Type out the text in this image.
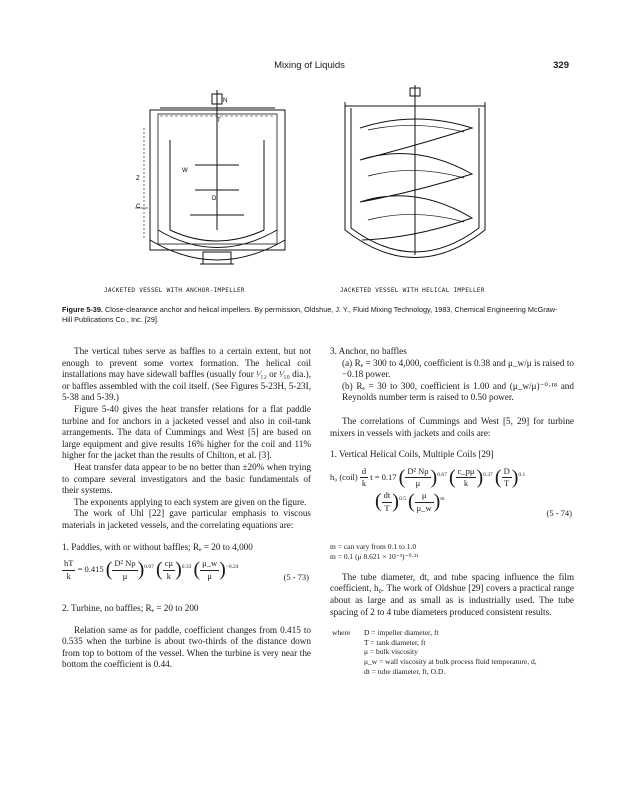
Mixing of Liquids	329
N
T
Z
W
D
C
JACKETED VESSEL WITH ANCHOR-IMPELLER	JACKETED VESSEL WITH HELICAL IMPELLER
Figure 5-39. Close-clearance anchor and helical impellers. By permission, Oldshue, J. Y., Fluid Mixing Technology, 1983, Chemical Engineering McGraw-Hill Publications Co., Inc. [29].

The vertical tubes serve as baffles to a certain extent, but not enough to prevent some vortex formation. The helical coil installations may have sidewall baffles (usually four ¹⁄₁₂ or ¹⁄₁₀ dia.), or baffles assembled with the coil itself. (See Figures 5-23H, 5-23I, 5-38 and 5-39.)

Figure 5-40 gives the heat transfer relations for a flat paddle turbine and for anchors in a jacketed vessel and also in coil-tank arrangements. The data of Cummings and West [5] are based on large equipment and give results 16% higher for the coil and 11% higher for the jacket than the results of Chilton, et al. [3].

Heat transfer data appear to be no better than ±20% when trying to compare several investigators and the basic fundamentals of their systems.

The exponents applying to each system are given on the figure.

The work of Uhl [22] gave particular emphasis to viscous materials in jacketed vessels, and the correlating equations are:

1. Paddles, with or without baffles; Rₑ = 20 to 4,000

$\frac{hT}{k} = 0.415$ ( $\frac{\text{D² Nρ}}{\mu} )^{0.67}$ ( $\frac{c\mu}{k} )^{0.33}$ ( $\frac{\mu\_w}{\mu} )^{-0.24}$
(5 - 73)

2. Turbine, no baffles; Rₑ = 20 to 200

Relation same as for paddle, coefficient changes from 0.415 to 0.535 when the turbine is about two-thirds of the distance down from top to bottom of the vessel. When the turbine is very near the bottom the coefficient is 0.44.

3. Anchor, no baffles

(a) Rₑ = 300 to 4,000, coefficient is 0.38 and μ_w/μ is raised to −0.18 power.

(b) Rₑ = 30 to 300, coefficient is 1.00 and (μ_w/μ)⁻⁰·¹⁸ and Reynolds number term is raised to 0.50 power.

The correlations of Cummings and West [5, 29] for turbine mixers in vessels with jackets and coils are:

1. Vertical Helical Coils, Multiple Coils [29]

h₀ (coil) $\frac{d}{k}$ t = 0.17 ( $\frac{\text{D² Nρ}}{\mu} )^{0.67}$ ( $\frac{c\_p\mu}{k} )^{0.37}$ ( $\frac{D}{T} )^{0.1}$
( $\frac{dt}{T} )^{0.5}$ ( $\frac{\mu}{\mu\_w} )^m$
(5 - 74)

m = can vary from 0.1 to 1.0

m = 0.1 (μ 8.621 × 10⁻³)⁻⁰·²¹

The tube diameter, dt, and tube spacing influence the film coefficient, h₀. The work of Oldshue [29] covers a practical range about as large and as small as is industrially used. The tube spacing of 2 to 4 tube diameters produced consistent results.

where	D = impeller diameter, ft
T = tank diameter, ft
μ = bulk viscosity
μ_w = wall viscosity at bulk process fluid temperature, d,
dt = tube diameter, ft, O.D.
